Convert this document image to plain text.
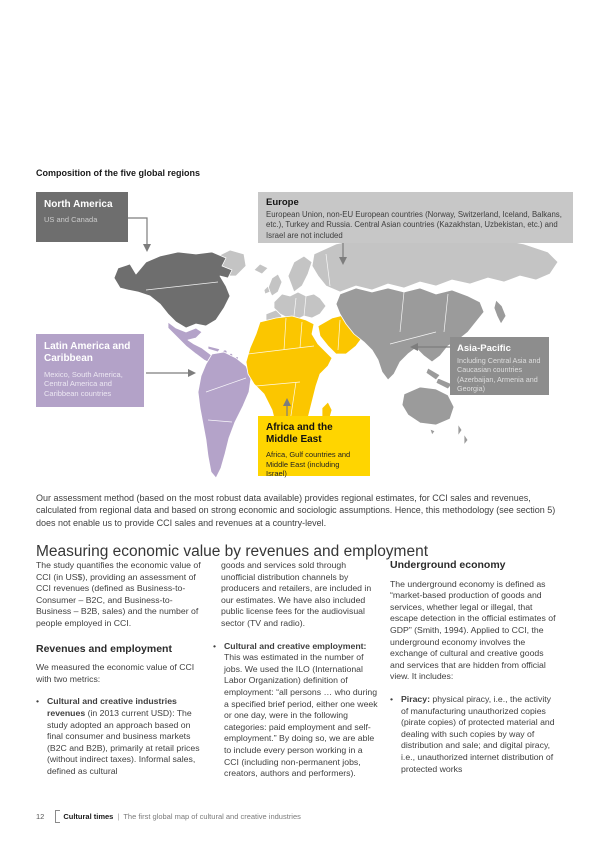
Composition of the five global regions
North America
US and Canada
Europe
European Union, non-EU European countries (Norway, Switzerland, Iceland, Balkans, etc.), Turkey and Russia. Central Asian countries (Kazakhstan, Uzbekistan, etc.) and Israel are not included
Latin America and Caribbean
Mexico, South America, Central America and Caribbean countries
Asia-Pacific
Including Central Asia and Caucasian countries (Azerbaijan, Armenia and Georgia)
Africa and the Middle East
Africa, Gulf countries and Middle East (including Israel)

Our assessment method (based on the most robust data available) provides regional estimates, for CCI sales and revenues, calculated from regional data and based on strong economic and sociologic assumptions. Hence, this methodology (see section 5) does not enable us to provide CCI sales and revenues at a country-level.

Measuring economic value by revenues and employment

The study quantifies the economic value of CCI (in US$), providing an assessment of CCI revenues (defined as Business-to-Consumer – B2C, and Business-to-Business – B2B, sales) and the number of people employed in CCI.

Revenues and employment

We measured the economic value of CCI with two metrics:

• Cultural and creative industries revenues (in 2013 current USD): The study adopted an approach based on final consumer and business markets (B2C and B2B), primarily at retail prices (without indirect taxes). Informal sales, defined as cultural

goods and services sold through unofficial distribution channels by producers and retailers, are included in our estimates. We have also included public license fees for the audiovisual sector (TV and radio).

• Cultural and creative employment: This was estimated in the number of jobs. We used the ILO (International Labor Organization) definition of employment: “all persons … who during a specified brief period, either one week or one day, were in the following categories: paid employment and self-employment.” By doing so, we are able to include every person working in a CCI (including non-permanent jobs, creators, authors and performers).

Underground economy

The underground economy is defined as “market-based production of goods and services, whether legal or illegal, that escape detection in the official estimates of GDP” (Smith, 1994). Applied to CCI, the underground economy involves the exchange of cultural and creative goods and services that are hidden from official view. It includes:

• Piracy: physical piracy, i.e., the activity of manufacturing unauthorized copies (pirate copies) of protected material and dealing with such copies by way of distribution and sale; and digital piracy, i.e., unauthorized internet distribution of protected works

12	Cultural times | The first global map of cultural and creative industries
